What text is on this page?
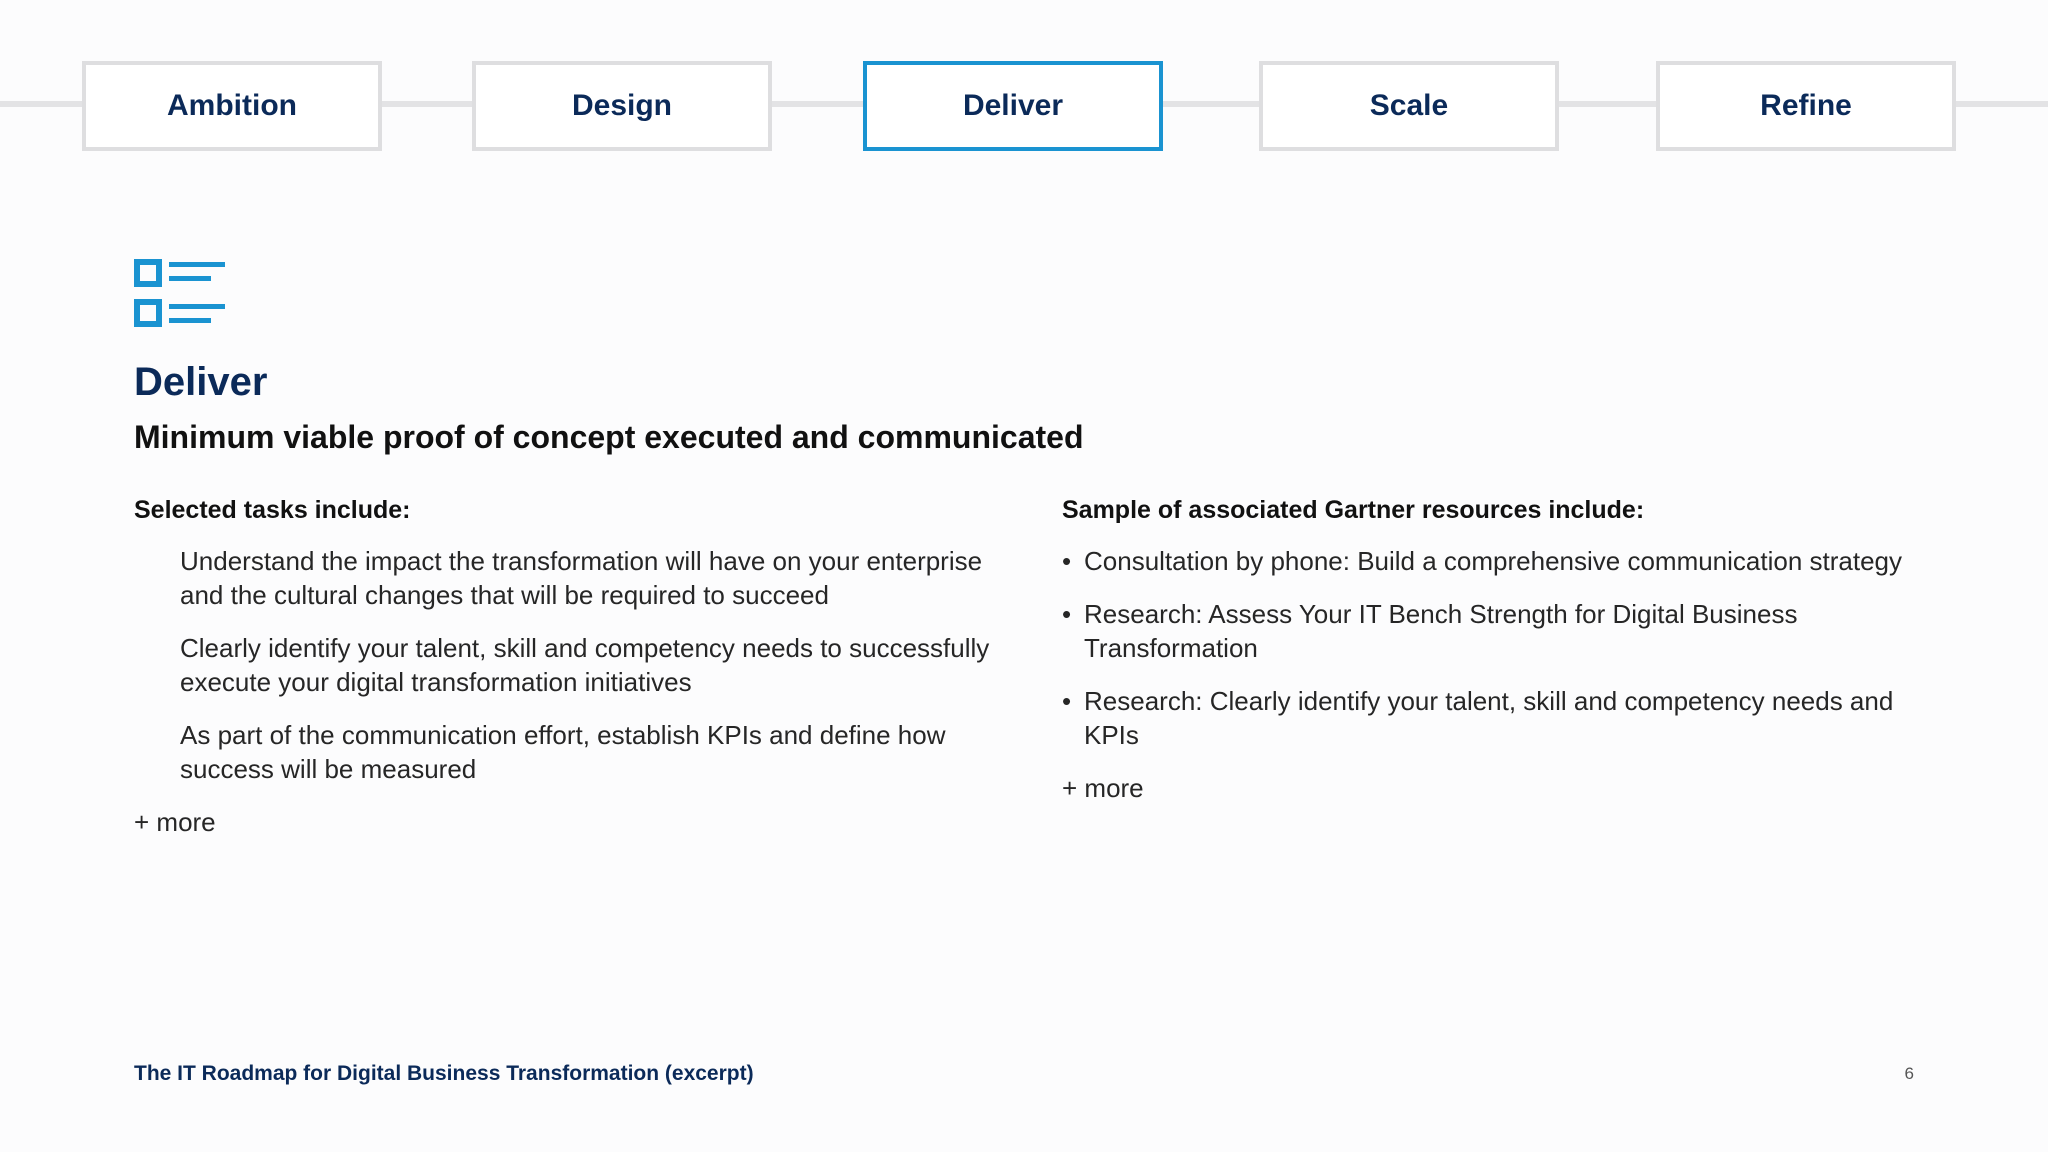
Ambition	Design	Deliver	Scale	Refine
Deliver
Minimum viable proof of concept executed and communicated
Selected tasks include:
Understand the impact the transformation will have on your enterprise and the cultural changes that will be required to succeed
Clearly identify your talent, skill and competency needs to successfully execute your digital transformation initiatives
As part of the communication effort, establish KPIs and define how success will be measured
+ more
Sample of associated Gartner resources include:
• Consultation by phone: Build a comprehensive communication strategy
• Research: Assess Your IT Bench Strength for Digital Business Transformation
• Research: Clearly identify your talent, skill and competency needs and KPIs
+ more
The IT Roadmap for Digital Business Transformation (excerpt)	6
